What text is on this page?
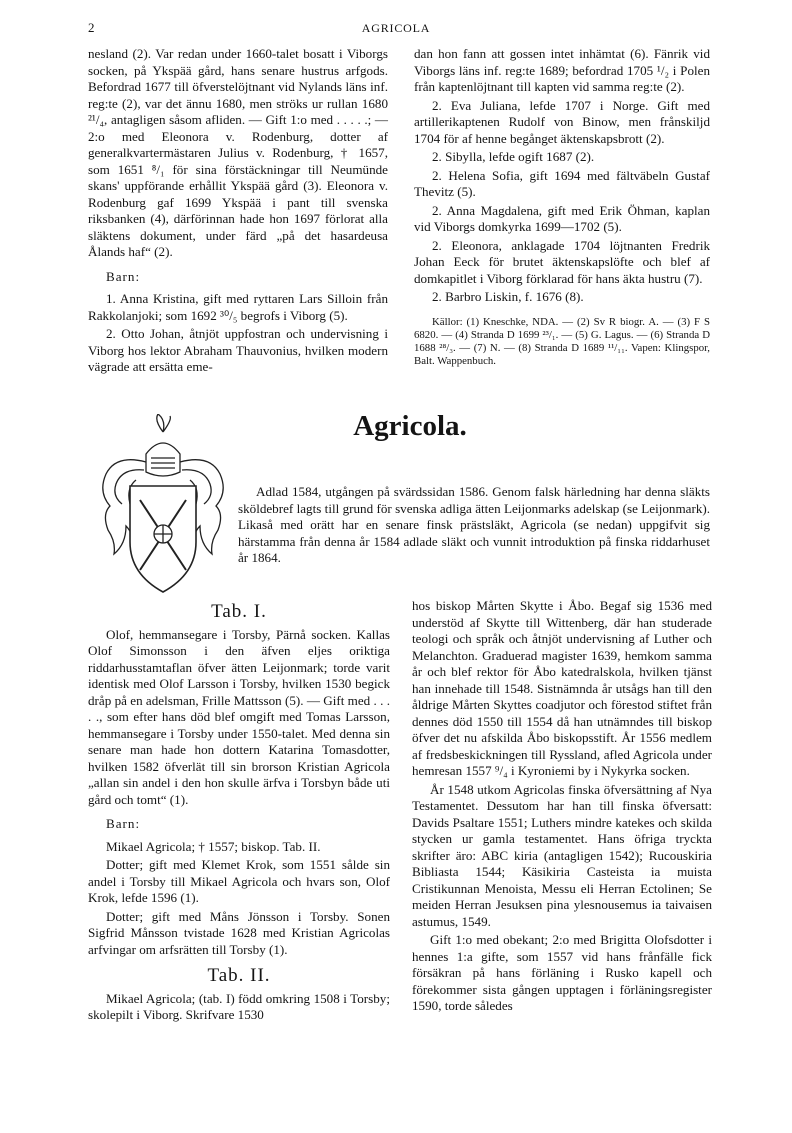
2	AGRICOLA

nesland (2). Var redan under 1660-talet bosatt i Viborgs socken, på Ykspää gård, hans senare hustrus arfgods. Befordrad 1677 till öfverstelöjtnant vid Nylands läns inf. reg:te (2), var det ännu 1680, men ströks ur rullan 1680 ²¹/₄, antagligen såsom afliden. — Gift 1:o med . . . . .; — 2:o med Eleonora v. Rodenburg, dotter af generalkvartermästaren Julius v. Rodenburg, † 1657, som 1651 ⁸/₁ för sina förstäckningar till Neumünde skans' uppförande erhållit Ykspää gård (3). Eleonora v. Rodenburg gaf 1699 Ykspää i pant till svenska riksbanken (4), därförinnan hade hon 1697 förlorat alla släktens dokument, under färd „på det hasardeusa Ålands haf“ (2).

Barn:

1. Anna Kristina, gift med ryttaren Lars Silloin från Rakkolanjoki; som 1692 ³⁰/₅ begrofs i Viborg (5).

2. Otto Johan, åtnjöt uppfostran och undervisning i Viborg hos lektor Abraham Thauvonius, hvilken modern vägrade att ersätta eme-

dan hon fann att gossen intet inhämtat (6). Fänrik vid Viborgs läns inf. reg:te 1689; befordrad 1705 ¹/₂ i Polen från kaptenlöjtnant till kapten vid samma reg:te (2).

2. Eva Juliana, lefde 1707 i Norge. Gift med artillerikaptenen Rudolf von Binow, men frånskiljd 1704 för af henne begånget äktenskapsbrott (2).

2. Sibylla, lefde ogift 1687 (2).

2. Helena Sofia, gift 1694 med fältväbeln Gustaf Thevitz (5).

2. Anna Magdalena, gift med Erik Öhman, kaplan vid Viborgs domkyrka 1699—1702 (5).

2. Eleonora, anklagade 1704 löjtnanten Fredrik Johan Eeck för brutet äktenskapslöfte och blef af domkapitlet i Viborg förklarad för hans äkta hustru (7).

2. Barbro Liskin, f. 1676 (8).

Källor: (1) Kneschke, NDA. — (2) Sv R biogr. A. — (3) F S 6820. — (4) Stranda D 1699 ²³/₁. — (5) G. Lagus. — (6) Stranda D 1688 ²⁸/₃. — (7) N. — (8) Stranda D 1689 ¹¹/₁₁. Vapen: Klingspor, Balt. Wappenbuch.

Agricola.

Adlad 1584, utgången på svärdssidan 1586. Genom falsk härledning har denna släkts sköldebref lagts till grund för svenska adliga ätten Leijonmarks adelskap (se Leijonmark). Likaså med orätt har en senare finsk prästsläkt, Agricola (se nedan) uppgifvit sig härstamma från denna år 1584 adlade släkt och vunnit introduktion på finska riddarhuset år 1864.

Tab. I.

Olof, hemmansegare i Torsby, Pärnå socken. Kallas Olof Simonsson i den äfven eljes oriktiga riddarhusstamtaflan öfver ätten Leijonmark; torde varit identisk med Olof Larsson i Torsby, hvilken 1530 begick dråp på en adelsman, Frille Mattsson (5). — Gift med . . . . ., som efter hans död blef omgift med Tomas Larsson, hemmansegare i Torsby under 1550-talet. Med denna sin senare man hade hon dottern Katarina Tomasdotter, hvilken 1582 öfverlät till sin brorson Kristian Agricola „allan sin andel i den hon skulle ärfva i Torsbyn både uti gård och tomt“ (1).

Barn:

Mikael Agricola; † 1557; biskop. Tab. II.

Dotter; gift med Klemet Krok, som 1551 sålde sin andel i Torsby till Mikael Agricola och hvars son, Olof Krok, lefde 1596 (1).

Dotter; gift med Måns Jönsson i Torsby. Sonen Sigfrid Månsson tvistade 1628 med Kristian Agricolas arfvingar om arfsrätten till Torsby (1).

Tab. II.

Mikael Agricola; (tab. I) född omkring 1508 i Torsby; skolepilt i Viborg. Skrifvare 1530

hos biskop Mårten Skytte i Åbo. Begaf sig 1536 med understöd af Skytte till Wittenberg, där han studerade teologi och språk och åtnjöt undervisning af Luther och Melanchton. Graduerad magister 1639, hemkom samma år och blef rektor för Åbo katedralskola, hvilken tjänst han innehade till 1548. Sistnämnda år utsågs han till den åldrige Mårten Skyttes coadjutor och förestod stiftet från dennes död 1550 till 1554 då han utnämndes till biskop öfver det nu afskilda Åbo biskopsstift. År 1556 medlem af fredsbeskickningen till Ryssland, afled Agricola under hemresan 1557 ⁹/₄ i Kyroniemi by i Nykyrka socken.

År 1548 utkom Agricolas finska öfversättning af Nya Testamentet. Dessutom har han till finska öfversatt: Davids Psaltare 1551; Luthers mindre katekes och skilda stycken ur gamla testamentet. Hans öfriga tryckta skrifter äro: ABC kiria (antagligen 1542); Rucouskiria Bibliasta 1544; Käsikiria Casteista ia muista Cristikunnan Menoista, Messu eli Herran Ectolinen; Se meiden Herran Jesuksen pina ylesnousemus ia taivaisen astumus, 1549.

Gift 1:o med obekant; 2:o med Brigitta Olofsdotter i hennes 1:a gifte, som 1557 vid hans frånfälle fick försäkran på hans förläning i Rusko kapell och förekommer sista gången upptagen i förläningsregister 1590, torde således
